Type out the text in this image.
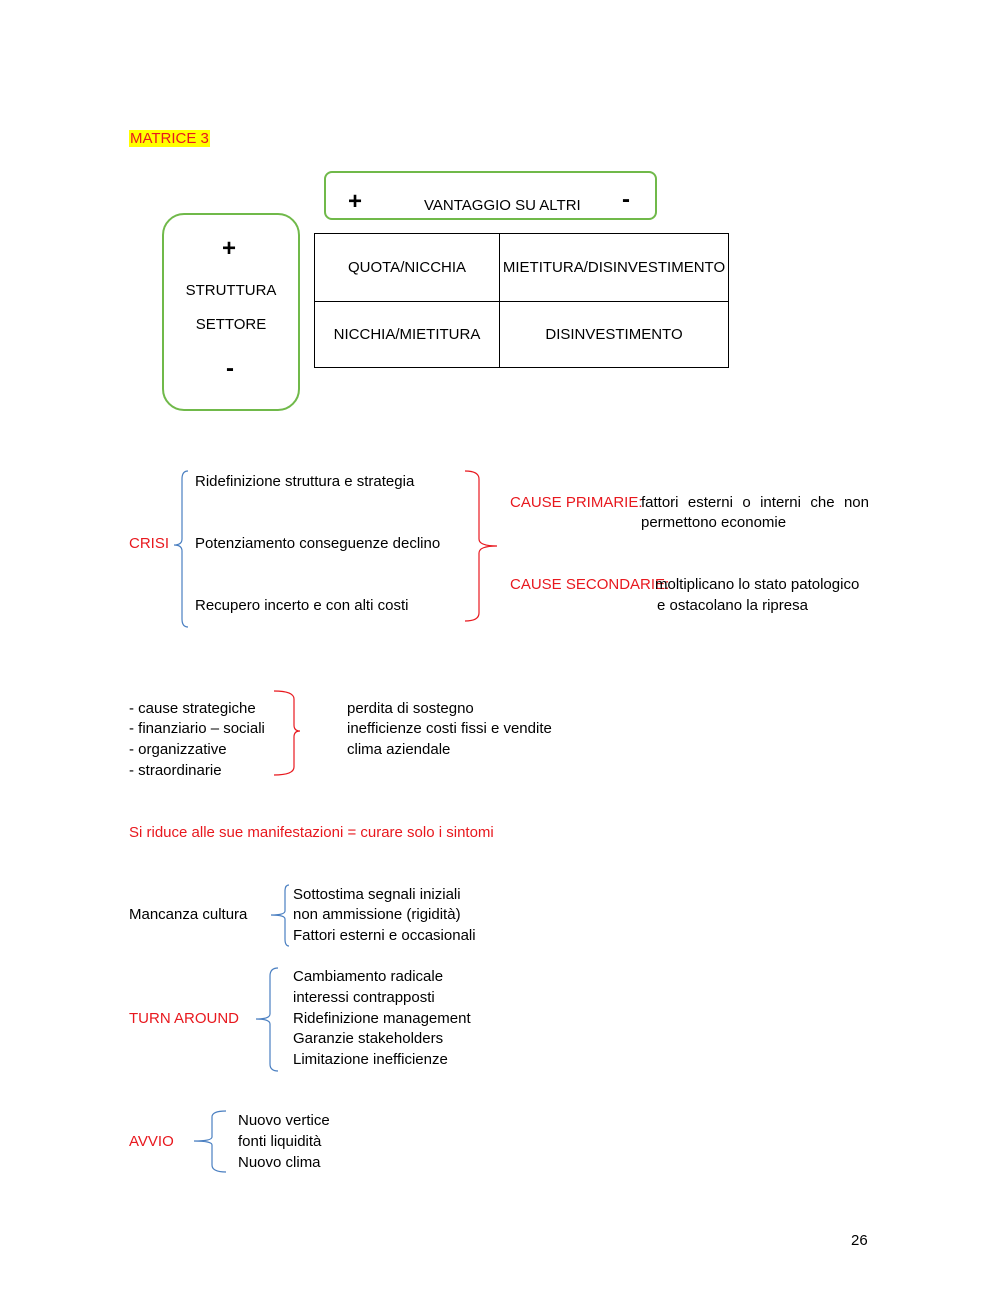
MATRICE 3
+	VANTAGGIO SU ALTRI -
+
STRUTTURA
SETTORE
-
QUOTA/NICCHIA	MIETITURA/DISINVESTIMENTO
NICCHIA/MIETITURA	DISINVESTIMENTO
CRISI
Ridefinizione struttura e strategia
Potenziamento conseguenze declino
Recupero incerto e con alti costi
CAUSE PRIMARIE:
fattori esterni o interni che non
permettono economie
CAUSE SECONDARIE:
moltiplicano lo stato patologico
e ostacolano la ripresa
- cause strategiche
- finanziario – sociali
- organizzative
- straordinarie
perdita di sostegno
inefficienze costi fissi e vendite
clima aziendale
Si riduce alle sue manifestazioni = curare solo i sintomi
Mancanza cultura
Sottostima segnali iniziali
non ammissione (rigidità)
Fattori esterni e occasionali
TURN AROUND
Cambiamento radicale
interessi contrapposti
Ridefinizione management
Garanzie stakeholders
Limitazione inefficienze
AVVIO
Nuovo vertice
fonti liquidità
Nuovo clima
26
